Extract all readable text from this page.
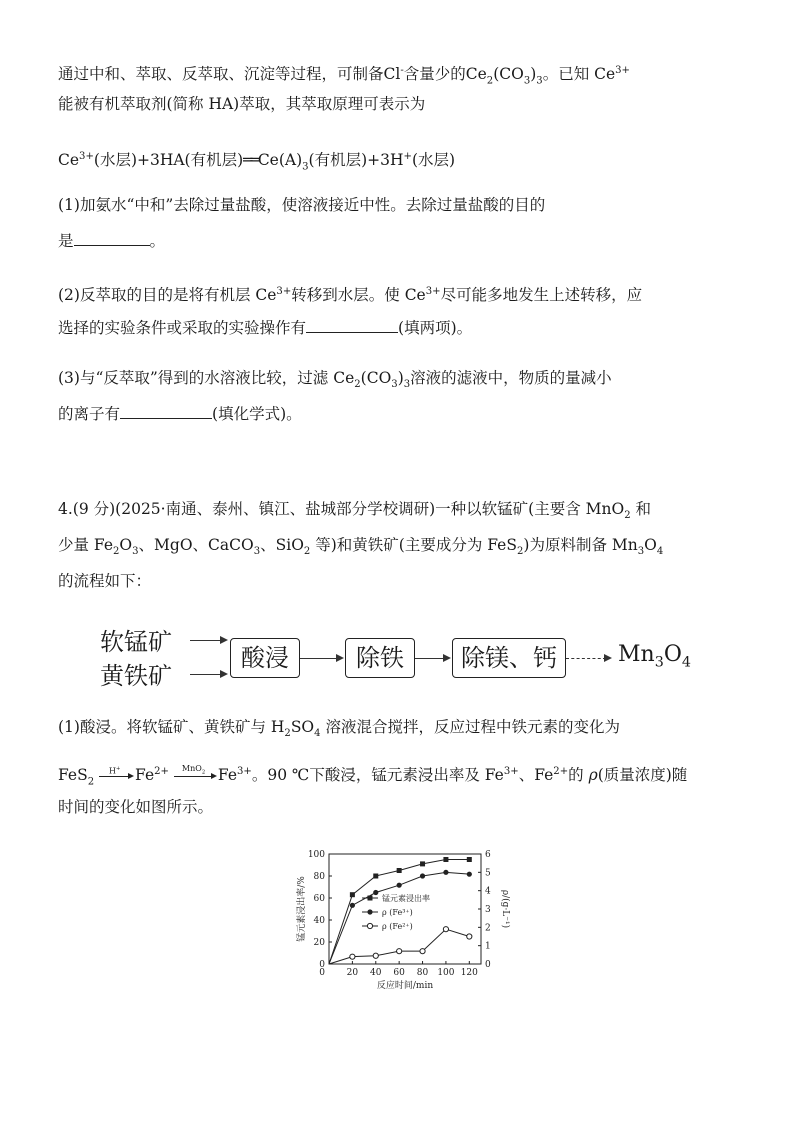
通过中和、萃取、反萃取、沉淀等过程，可制备Cl-含量少的$Ce_2(CO_3)_3$。已知 $Ce^{3+}$
能被有机萃取剂(简称 HA)萃取，其萃取原理可表示为
$Ce^{3+}$(水层)+3HA(有机层)$══Ce(A)_3$(有机层)+3H+(水层)
(1)加氨水“中和”去除过量盐酸，使溶液接近中性。去除过量盐酸的目的
是	。
(2)反萃取的目的是将有机层 $Ce^{3+}$转移到水层。使 $Ce^{3+}$尽可能多地发生上述转移，应
选择的实验条件或采取的实验操作有	(填两项)。
(3)与“反萃取”得到的水溶液比较，过滤 $Ce_2(CO_3)_3$溶液的滤液中，物质的量减小
的离子有	(填化学式)。
4.(9 分)(2025·南通、泰州、镇江、盐城部分学校调研)一种以软锰矿(主要含 MnO$_2$ 和
少量 $Fe_2O_3$、MgO、CaCO$_3$、SiO$_2$ 等)和黄铁矿(主要成分为 FeS$_2$)为原料制备 $Mn_3O_4$
的流程如下：
软锰矿
黄铁矿
酸浸	除铁	除镁、钙	$Mn_3O_4$
(1)酸浸。将软锰矿、黄铁矿与 $H_2SO_4$ 溶液混合搅拌，反应过程中铁元素的变化为
FeS$_2$
H+ $Fe^{2+}$ MnO$_2$ $Fe^{3+}$。90 ℃下酸浸，锰元素浸出率及 $Fe^{3+}$、$Fe^{2+}$的 ρ(质量浓度)随
时间的变化如图所示。
0
20
40
60
80
100
0
1
2
3
4
5
6
20 40 60 80 100 120
0
反应时间/min
锰元素浸出率/%	ρ/(g·L⁻¹)
锰元素浸出率
ρ (Fe³⁺)
ρ (Fe²⁺)
